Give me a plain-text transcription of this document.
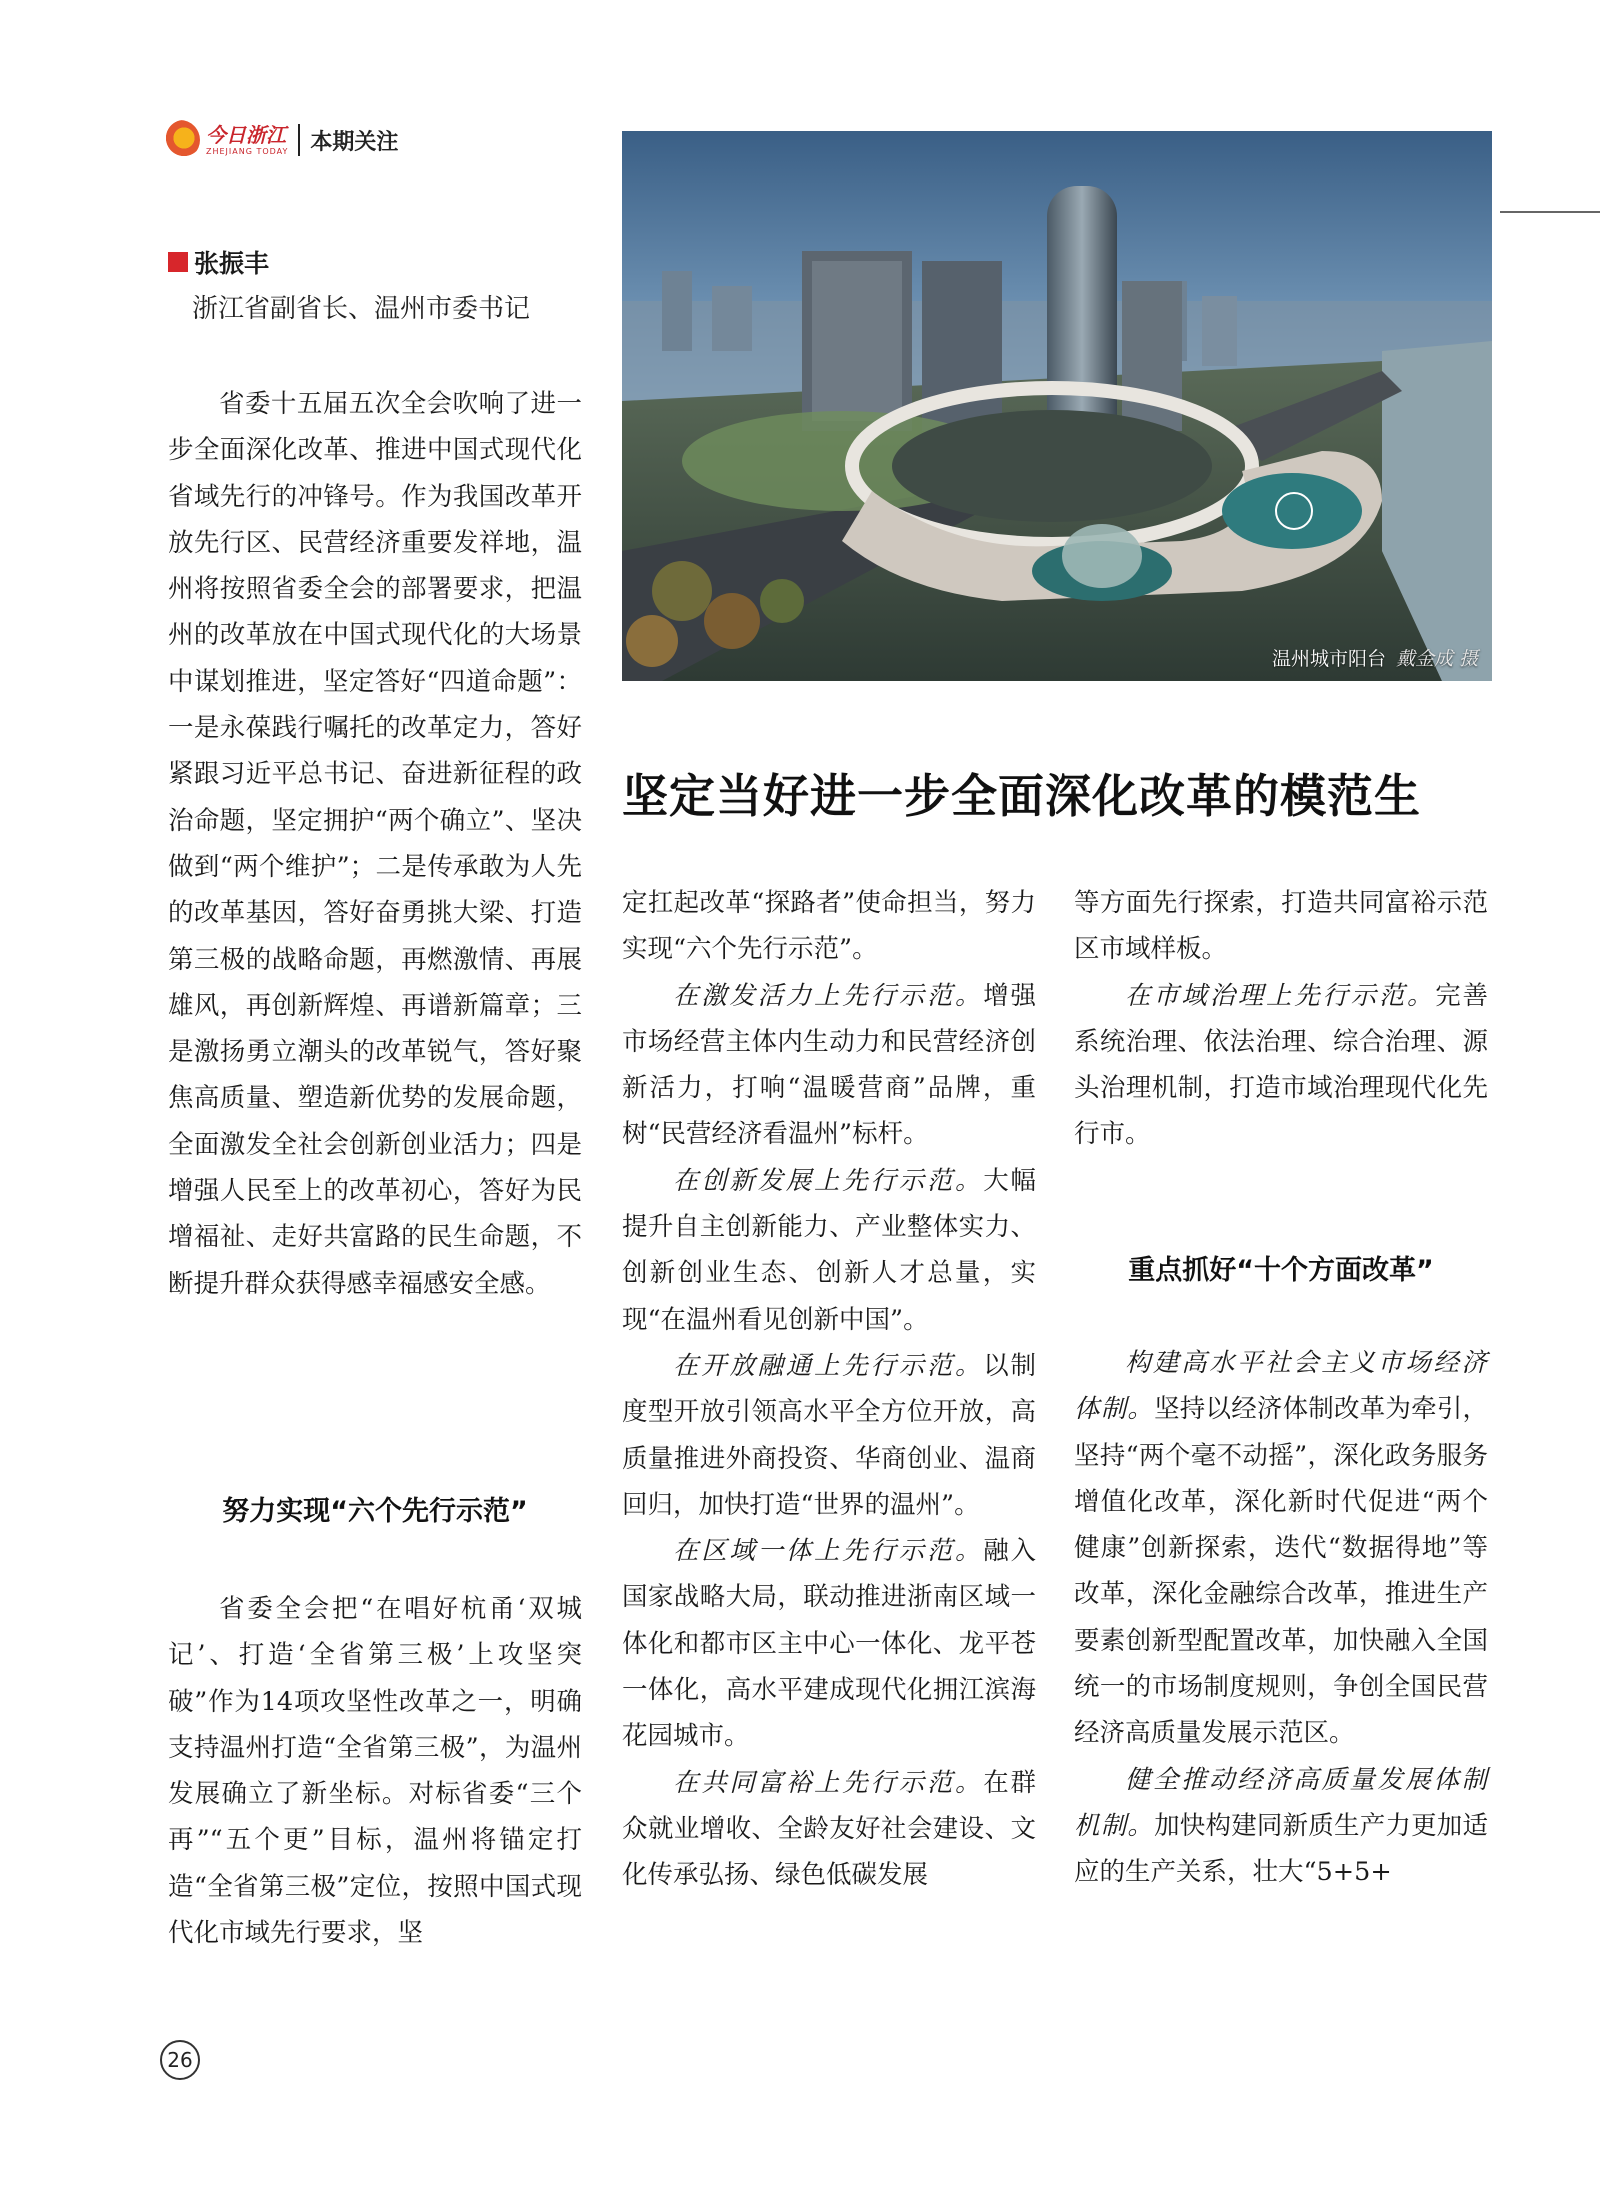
今日浙江
ZHEJIANG TODAY 本期关注
张振丰
浙江省副省长、温州市委书记

省委十五届五次全会吹响了进一步全面深化改革、推进中国式现代化省域先行的冲锋号。作为我国改革开放先行区、民营经济重要发祥地，温州将按照省委全会的部署要求，把温州的改革放在中国式现代化的大场景中谋划推进，坚定答好“四道命题”：一是永葆践行嘱托的改革定力，答好紧跟习近平总书记、奋进新征程的政治命题，坚定拥护“两个确立”、坚决做到“两个维护”；二是传承敢为人先的改革基因，答好奋勇挑大梁、打造第三极的战略命题，再燃激情、再展雄风，再创新辉煌、再谱新篇章；三是激扬勇立潮头的改革锐气，答好聚焦高质量、塑造新优势的发展命题，全面激发全社会创新创业活力；四是增强人民至上的改革初心，答好为民增福祉、走好共富路的民生命题，不断提升群众获得感幸福感安全感。

努力实现“六个先行示范”

省委全会把“在唱好杭甬‘双城记’、打造‘全省第三极’上攻坚突破”作为14项攻坚性改革之一，明确支持温州打造“全省第三极”，为温州发展确立了新坐标。对标省委“三个再”“五个更”目标，温州将锚定打造“全省第三极”定位，按照中国式现代化市域先行要求，坚

温州城市阳台 戴金成 摄
坚定当好进一步全面深化改革的模范生

定扛起改革“探路者”使命担当，努力实现“六个先行示范”。

在激发活力上先行示范。增强市场经营主体内生动力和民营经济创新活力，打响“温暖营商”品牌，重树“民营经济看温州”标杆。

在创新发展上先行示范。大幅提升自主创新能力、产业整体实力、创新创业生态、创新人才总量，实现“在温州看见创新中国”。

在开放融通上先行示范。以制度型开放引领高水平全方位开放，高质量推进外商投资、华商创业、温商回归，加快打造“世界的温州”。

在区域一体上先行示范。融入国家战略大局，联动推进浙南区域一体化和都市区主中心一体化、龙平苍一体化，高水平建成现代化拥江滨海花园城市。

在共同富裕上先行示范。在群众就业增收、全龄友好社会建设、文化传承弘扬、绿色低碳发展

等方面先行探索，打造共同富裕示范区市域样板。

在市域治理上先行示范。完善系统治理、依法治理、综合治理、源头治理机制，打造市域治理现代化先行市。

重点抓好“十个方面改革”

构建高水平社会主义市场经济体制。坚持以经济体制改革为牵引，坚持“两个毫不动摇”，深化政务服务增值化改革，深化新时代促进“两个健康”创新探索，迭代“数据得地”等改革，深化金融综合改革，推进生产要素创新型配置改革，加快融入全国统一的市场制度规则，争创全国民营经济高质量发展示范区。

健全推动经济高质量发展体制机制。加快构建同新质生产力更加适应的生产关系，壮大“5+5+

26
